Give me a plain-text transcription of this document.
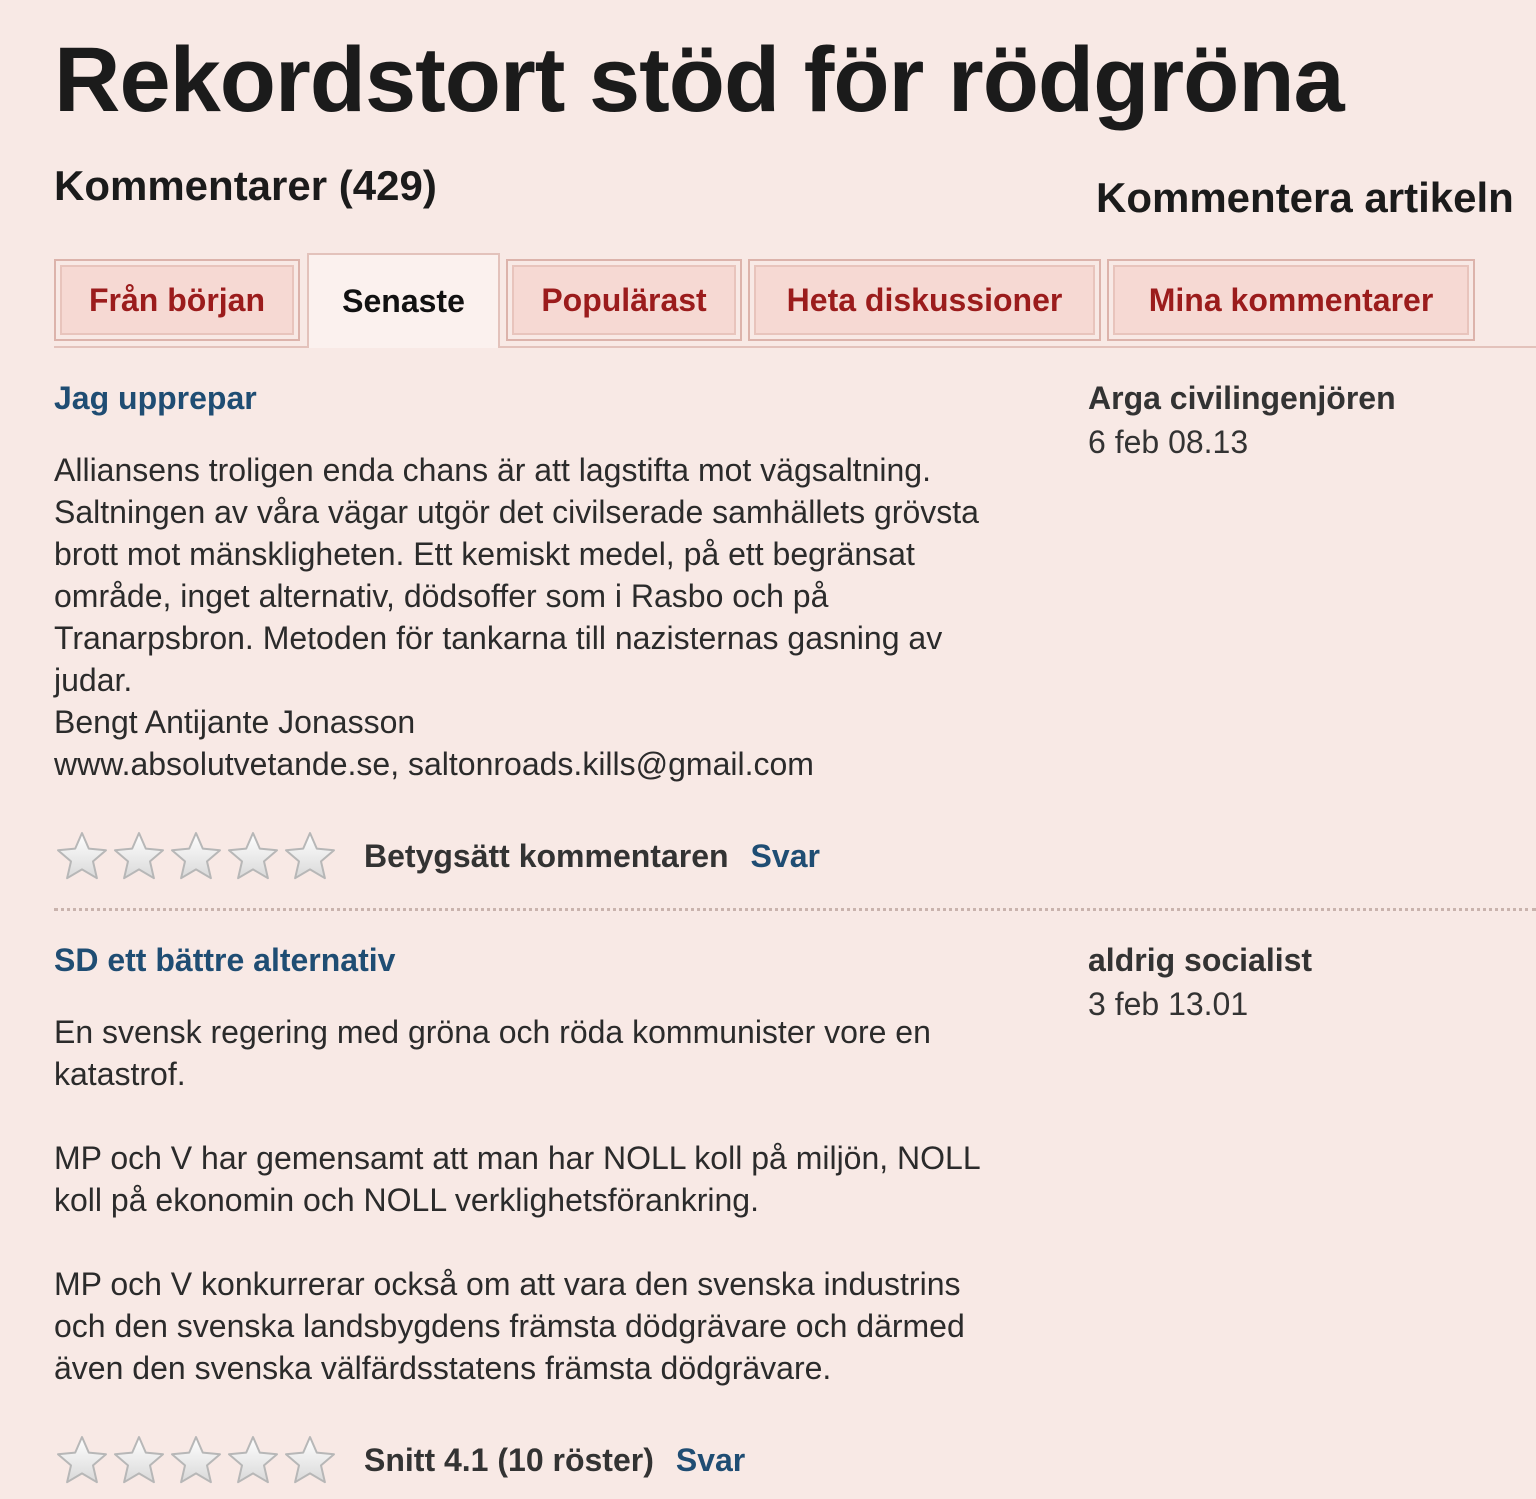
Rekordstort stöd för rödgröna
Kommentarer (429)	Kommentera artikeln
Från början	Senaste	Populärast	Heta diskussioner	Mina kommentarer
Jag upprepar	Arga civilingenjören
6 feb 08.13
Alliansens troligen enda chans är att lagstifta mot vägsaltning.
Saltningen av våra vägar utgör det civilserade samhällets grövsta
brott mot mänskligheten. Ett kemiskt medel, på ett begränsat
område, inget alternativ, dödsoffer som i Rasbo och på
Tranarpsbron. Metoden för tankarna till nazisternas gasning av
judar.
Bengt Antijante Jonasson
www.absolutvetande.se, saltonroads.kills@gmail.com
Betygsätt kommentaren Svar
SD ett bättre alternativ	aldrig socialist
3 feb 13.01
En svensk regering med gröna och röda kommunister vore en
katastrof.
MP och V har gemensamt att man har NOLL koll på miljön, NOLL
koll på ekonomin och NOLL verklighetsförankring.
MP och V konkurrerar också om att vara den svenska industrins
och den svenska landsbygdens främsta dödgrävare och därmed
även den svenska välfärdsstatens främsta dödgrävare.
Snitt 4.1 (10 röster) Svar
